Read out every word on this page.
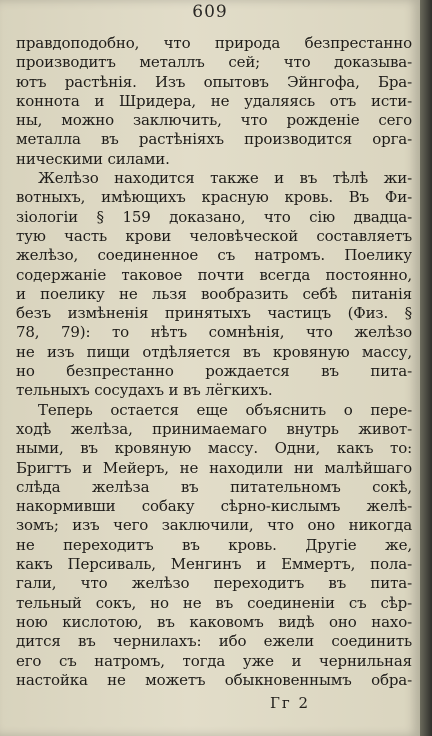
609
правдоподобно, что природа безпрестанно
производитъ металлъ сей; что доказыва-
ютъ растѣнія. Изъ опытовъ Эйнгофа, Бра-
коннота и Шридера, не удаляясь отъ исти-
ны, можно заключить, что рожденіе сего
металла въ растѣніяхъ производится орга-
ническими силами.
Желѣзо находится также и въ тѣлѣ жи-
вотныхъ, имѣющихъ красную кровь. Въ Фи-
зіологіи § 159 доказано, что сію двадца-
тую часть крови человѣческой составляетъ
желѣзо, соединенное съ натромъ. Поелику
содержаніе таковое почти всегда постоянно,
и поелику не льзя вообразить себѣ питанія
безъ измѣненія принятыхъ частицъ (Физ. §
78, 79): то нѣтъ сомнѣнія, что желѣзо
не изъ пищи отдѣляется въ кровяную массу,
но безпрестанно рождается въ пита-
тельныхъ сосудахъ и въ лёгкихъ.
Теперь остается еще объяснить о пере-
ходѣ желѣза, принимаемаго внутрь живот-
ными, въ кровяную массу. Одни, какъ то:
Бригтъ и Мейеръ, не находили ни малѣйшаго
слѣда желѣза въ питательномъ сокѣ,
накормивши собаку сѣрно-кислымъ желѣ-
зомъ; изъ чего заключили, что оно никогда
не переходитъ въ кровь. Другіе же,
какъ Персиваль, Менгинъ и Еммертъ, пола-
гали, что желѣзо переходитъ въ пита-
тельный сокъ, но не въ соединеніи съ сѣр-
ною кислотою, въ каковомъ видѣ оно нахо-
дится въ чернилахъ: ибо ежели соединить
его съ натромъ, тогда уже и чернильная
настойка не можетъ обыкновеннымъ обра-
Гг 2
